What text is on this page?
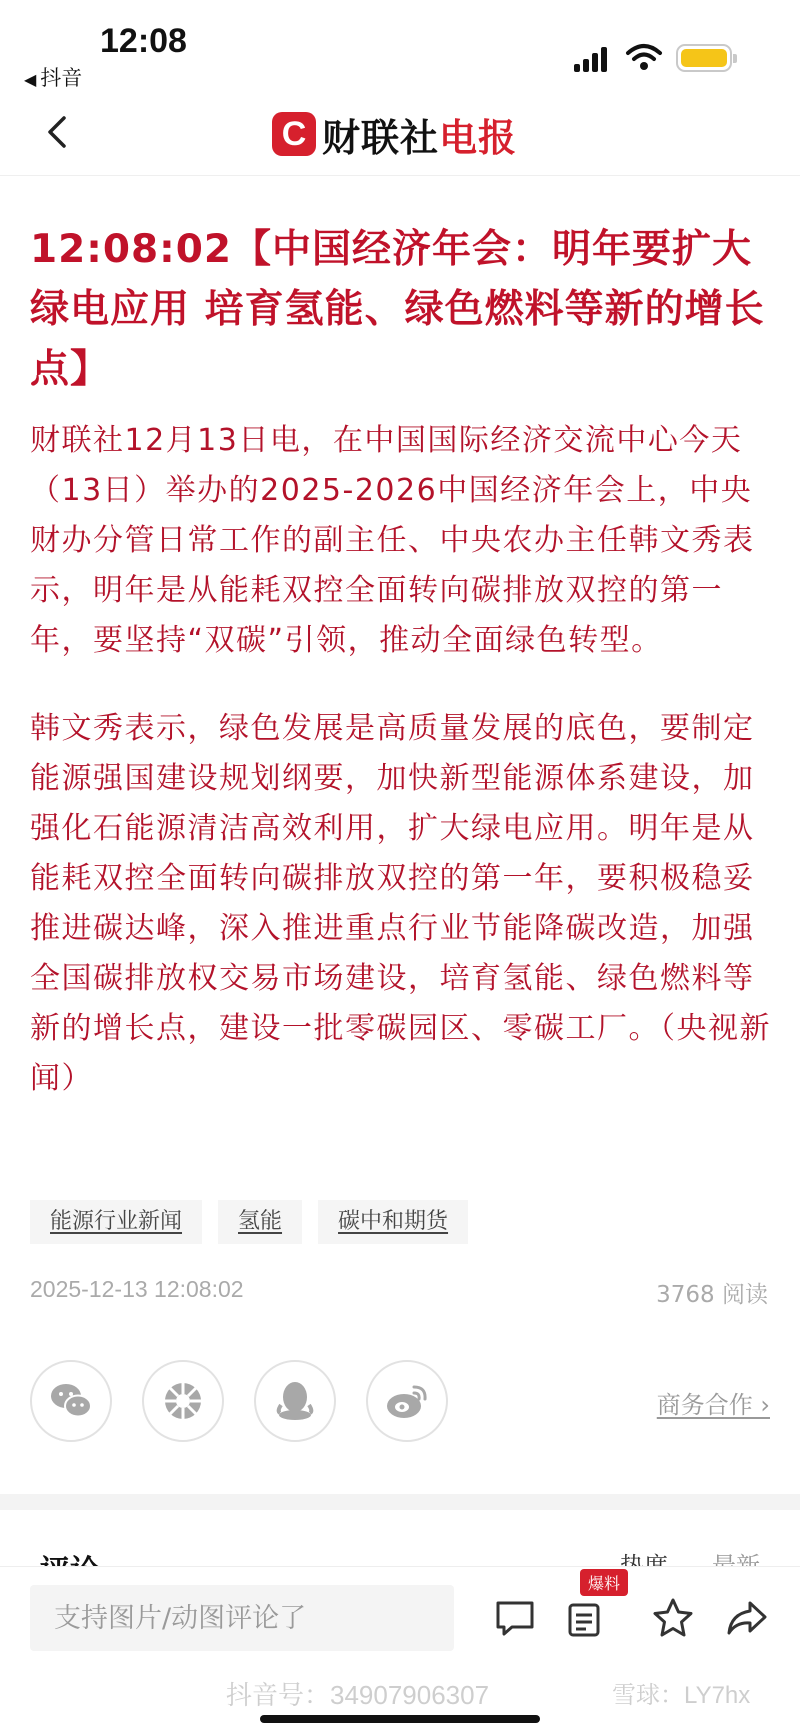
12:08
◀ 抖音
C 财联社电报
12:08:02【中国经济年会：明年要扩大绿电应用 培育氢能、绿色燃料等新的增长点】
财联社12月13日电，在中国国际经济交流中心今天（13日）举办的2025-2026中国经济年会上，中央财办分管日常工作的副主任、中央农办主任韩文秀表示，明年是从能耗双控全面转向碳排放双控的第一年，要坚持“双碳”引领，推动全面绿色转型。
韩文秀表示，绿色发展是高质量发展的底色，要制定能源强国建设规划纲要，加快新型能源体系建设，加强化石能源清洁高效利用，扩大绿电应用。明年是从能耗双控全面转向碳排放双控的第一年，要积极稳妥推进碳达峰，深入推进重点行业节能降碳改造，加强全国碳排放权交易市场建设，培育氢能、绿色燃料等新的增长点，建设一批零碳园区、零碳工厂。（央视新闻）
能源行业新闻	氢能	碳中和期货
2025-12-13 12:08:02	3768 阅读
商务合作 ›
支持图片/动图评论了
爆料
抖音号：34907906307	雪球：LY7hx
